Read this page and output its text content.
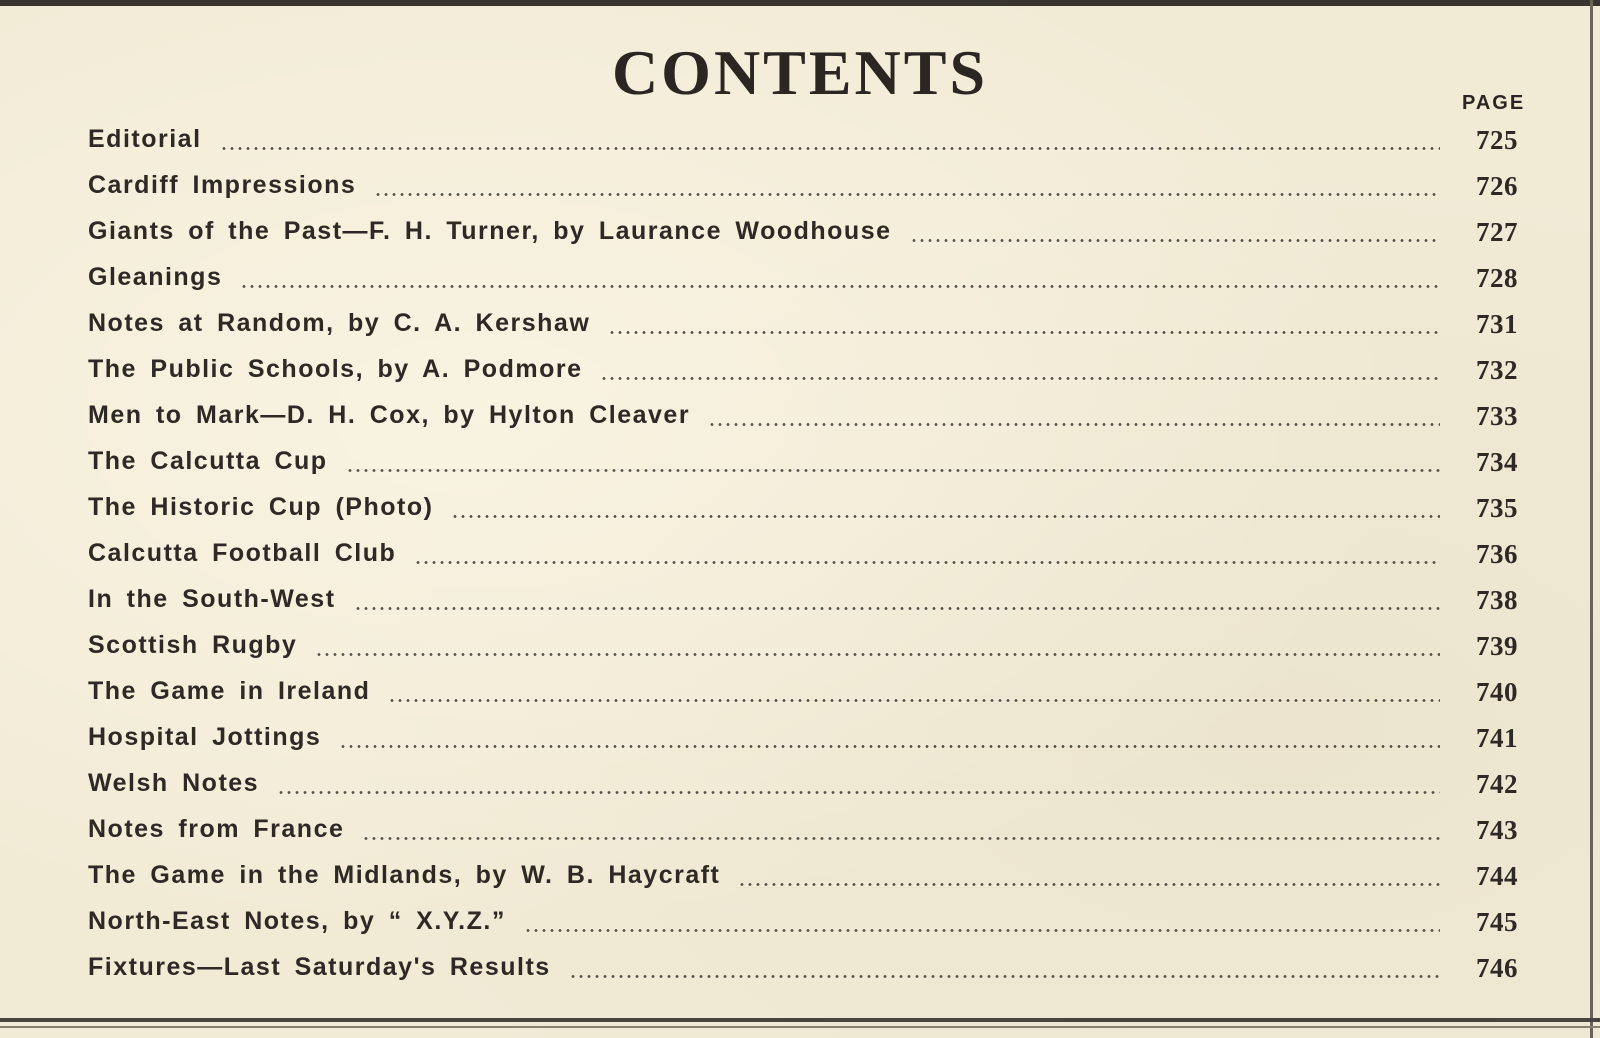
CONTENTS	PAGE
Editorial	725
Cardiff Impressions	726
Giants of the Past—F. H. Turner, by Laurance Woodhouse	727
Gleanings	728
Notes at Random, by C. A. Kershaw	731
The Public Schools, by A. Podmore	732
Men to Mark—D. H. Cox, by Hylton Cleaver	733
The Calcutta Cup	734
The Historic Cup (Photo)	735
Calcutta Football Club	736
In the South-West	738
Scottish Rugby	739
The Game in Ireland	740
Hospital Jottings	741
Welsh Notes	742
Notes from France	743
The Game in the Midlands, by W. B. Haycraft	744
North-East Notes, by “ X.Y.Z.”	745
Fixtures—Last Saturday's Results	746
